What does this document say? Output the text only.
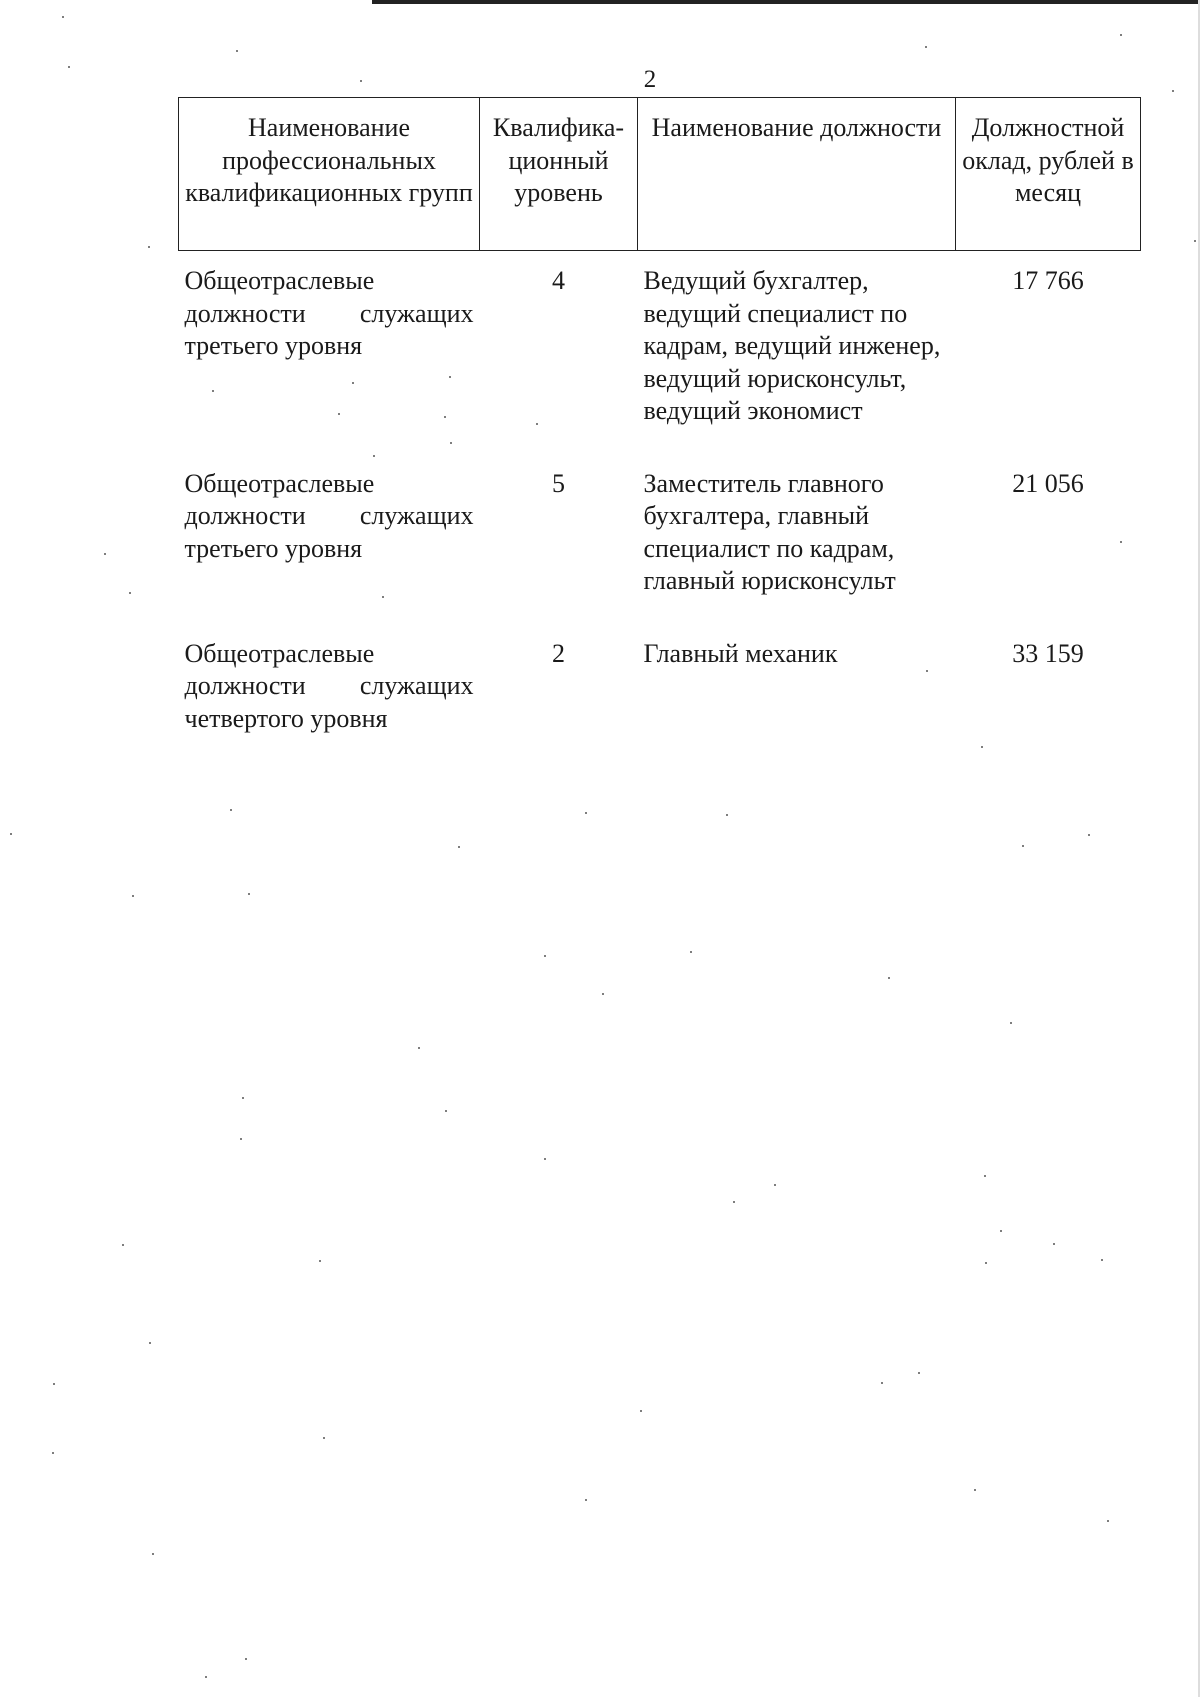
2
Наименование профессиональных квалификационных групп	Квалифика-ционный уровень	Наименование должности	Должностной оклад, рублей в месяц
Общеотраслевые должности служащих третьего уровня	4	Ведущий бухгалтер, ведущий специалист по кадрам, ведущий инженер, ведущий юрисконсульт, ведущий экономист	17 766
Общеотраслевые должности служащих третьего уровня	5	Заместитель главного бухгалтера, главный специалист по кадрам, главный юрисконсульт	21 056
Общеотраслевые должности служащих четвертого уровня	2	Главный механик	33 159
